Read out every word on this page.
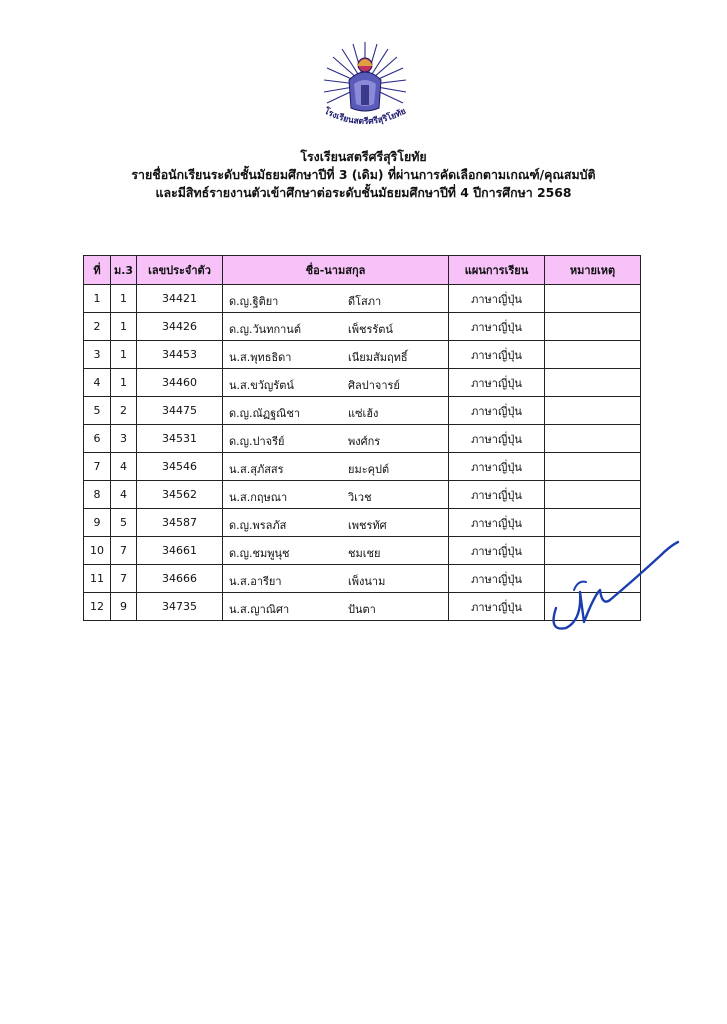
โรงเรียนสตรีศรีสุริโยทัย
โรงเรียนสตรีศรีสุริโยทัย
รายชื่อนักเรียนระดับชั้นมัธยมศึกษาปีที่ 3 (เดิม) ที่ผ่านการคัดเลือกตามเกณฑ์/คุณสมบัติ
และมีสิทธ์รายงานตัวเข้าศึกษาต่อระดับชั้นมัธยมศึกษาปีที่ 4 ปีการศึกษา 2568
ที่	ม.3	เลขประจำตัว	ชื่อ-นามสกุล	แผนการเรียน	หมายเหตุ
1	1	34421	ด.ญ.ฐิติยา ดีโสภา	ภาษาญี่ปุ่น	
2	1	34426	ด.ญ.วันทกานต์ เพ็ชรรัตน์	ภาษาญี่ปุ่น	
3	1	34453	น.ส.พุทธธิดา เนียมสัมฤทธิ์	ภาษาญี่ปุ่น	
4	1	34460	น.ส.ขวัญรัตน์ ศิลปาจารย์	ภาษาญี่ปุ่น	
5	2	34475	ด.ญ.ณัฏฐณิชา แซ่เฮ้ง	ภาษาญี่ปุ่น	
6	3	34531	ด.ญ.ปาจรีย์ พงศ์กร	ภาษาญี่ปุ่น	
7	4	34546	น.ส.สุภัสสร ยมะคุปต์	ภาษาญี่ปุ่น	
8	4	34562	น.ส.กฤษณา วิเวช	ภาษาญี่ปุ่น	
9	5	34587	ด.ญ.พรลภัส เพชรทัศ	ภาษาญี่ปุ่น	
10	7	34661	ด.ญ.ชมพูนุช ชมเชย	ภาษาญี่ปุ่น	
11	7	34666	น.ส.อารียา เพ็งนาม	ภาษาญี่ปุ่น	
12	9	34735	น.ส.ญาณิศา ปันตา	ภาษาญี่ปุ่น	
